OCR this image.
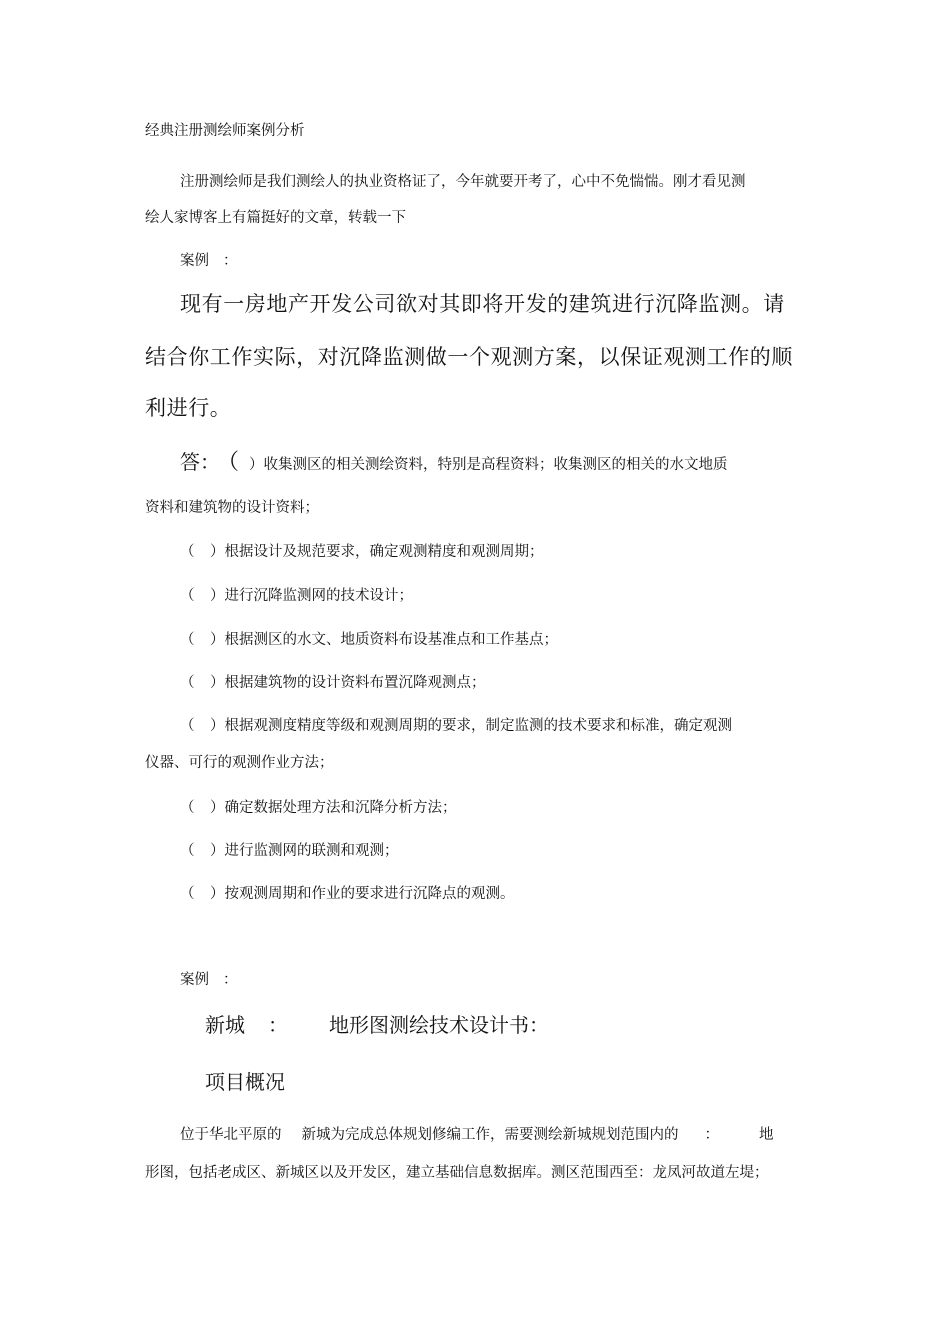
经典注册测绘师案例分析
注册测绘师是我们测绘人的执业资格证了，今年就要开考了，心中不免惴惴。刚才看见测
绘人家博客上有篇挺好的文章，转载一下
案例 ：
现有一房地产开发公司欲对其即将开发的建筑进行沉降监测。请
结合你工作实际，对沉降监测做一个观测方案，以保证观测工作的顺
利进行。
答： （ ）收集测区的相关测绘资料，特别是高程资料；收集测区的相关的水文地质
资料和建筑物的设计资料；
（ ）根据设计及规范要求，确定观测精度和观测周期；
（ ）进行沉降监测网的技术设计；
（ ）根据测区的水文、地质资料布设基准点和工作基点；
（ ）根据建筑物的设计资料布置沉降观测点；
（ ）根据观测度精度等级和观测周期的要求，制定监测的技术要求和标准，确定观测
仪器、可行的观测作业方法；
（ ）确定数据处理方法和沉降分析方法；
（ ）进行监测网的联测和观测；
（ ）按观测周期和作业的要求进行沉降点的观测。
案例 ：
新城 ： 地形图测绘技术设计书：
项目概况
位于华北平原的 新城为完成总体规划修编工作，需要测绘新城规划范围内的 ：	地
形图，包括老成区、新城区以及开发区，建立基础信息数据库。测区范围西至：龙凤河故道左堤；
